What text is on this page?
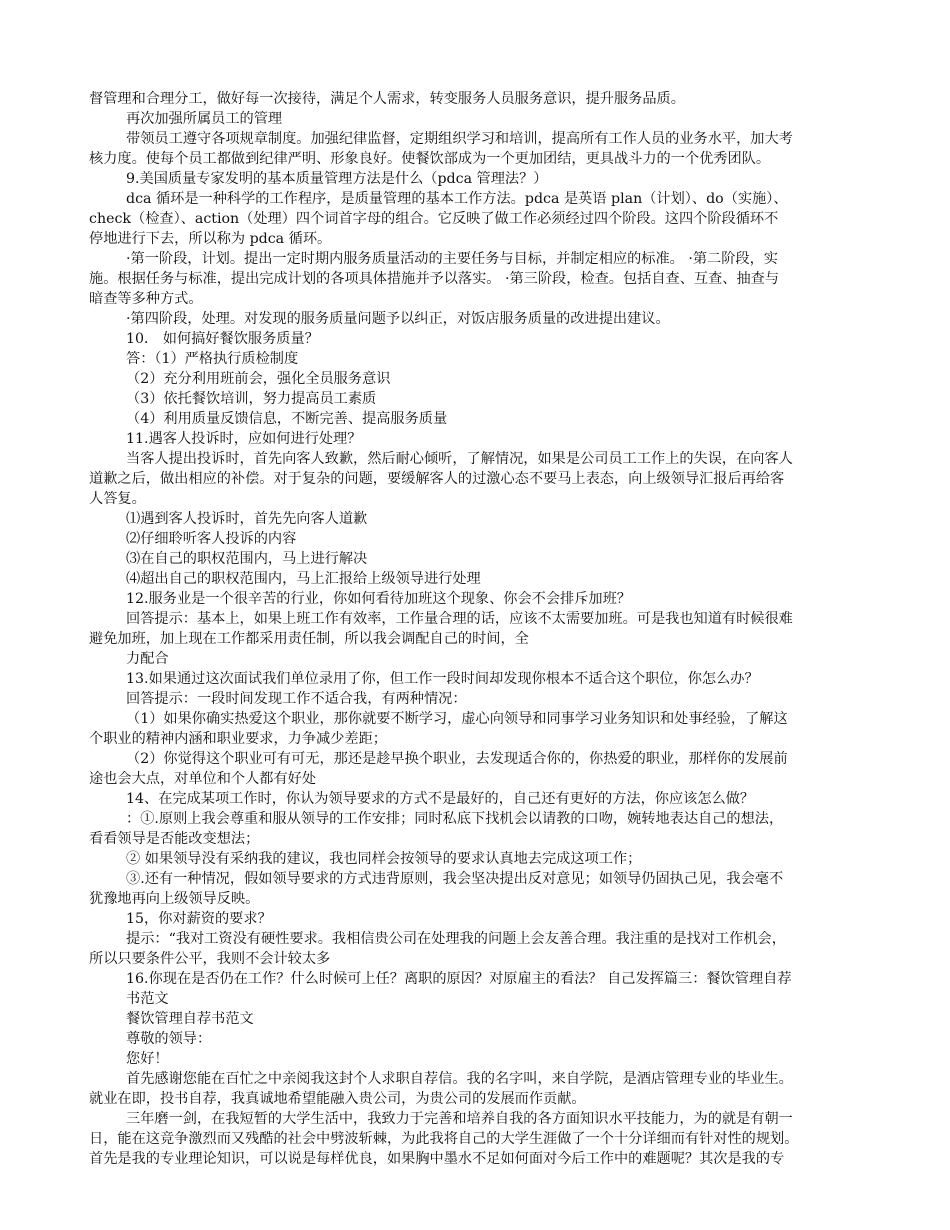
督管理和合理分工，做好每一次接待，满足个人需求，转变服务人员服务意识，提升服务品质。
再次加强所属员工的管理
带领员工遵守各项规章制度。加强纪律监督，定期组织学习和培训，提高所有工作人员的业务水平，加大考
核力度。使每个员工都做到纪律严明、形象良好。使餐饮部成为一个更加团结，更具战斗力的一个优秀团队。
9.美国质量专家发明的基本质量管理方法是什么（pdca 管理法？）
dca 循环是一种科学的工作程序，是质量管理的基本工作方法。pdca 是英语 plan（计划）、do（实施）、
check（检查）、action（处理）四个词首字母的组合。它反映了做工作必须经过四个阶段。这四个阶段循环不
停地进行下去，所以称为 pdca 循环。
·第一阶段，计划。提出一定时期内服务质量活动的主要任务与目标，并制定相应的标准。 ·第二阶段，实
施。根据任务与标准，提出完成计划的各项具体措施并予以落实。 ·第三阶段，检查。包括自查、互查、抽查与
暗查等多种方式。
·第四阶段，处理。对发现的服务质量问题予以纠正，对饭店服务质量的改进提出建议。
10． 如何搞好餐饮服务质量？
答：（1）严格执行质检制度
（2）充分利用班前会，强化全员服务意识
（3）依托餐饮培训，努力提高员工素质
（4）利用质量反馈信息，不断完善、提高服务质量
11.遇客人投诉时，应如何进行处理？
当客人提出投诉时，首先向客人致歉，然后耐心倾听，了解情况，如果是公司员工工作上的失误，在向客人
道歉之后，做出相应的补偿。对于复杂的问题，要缓解客人的过激心态不要马上表态，向上级领导汇报后再给客
人答复。
⑴遇到客人投诉时，首先先向客人道歉
⑵仔细聆听客人投诉的内容
⑶在自己的职权范围内，马上进行解决
⑷超出自己的职权范围内，马上汇报给上级领导进行处理
12.服务业是一个很辛苦的行业，你如何看待加班这个现象、你会不会排斥加班？
回答提示：基本上，如果上班工作有效率，工作量合理的话，应该不太需要加班。可是我也知道有时候很难
避免加班，加上现在工作都采用责任制，所以我会调配自己的时间，全
力配合
13.如果通过这次面试我们单位录用了你，但工作一段时间却发现你根本不适合这个职位，你怎么办？
回答提示：一段时间发现工作不适合我，有两种情况：
（1）如果你确实热爱这个职业，那你就要不断学习，虚心向领导和同事学习业务知识和处事经验，了解这
个职业的精神内涵和职业要求，力争减少差距；
（2）你觉得这个职业可有可无，那还是趁早换个职业，去发现适合你的，你热爱的职业，那样你的发展前
途也会大点，对单位和个人都有好处
14、在完成某项工作时，你认为领导要求的方式不是最好的，自己还有更好的方法，你应该怎么做？
：①.原则上我会尊重和服从领导的工作安排；同时私底下找机会以请教的口吻，婉转地表达自己的想法，
看看领导是否能改变想法；
② 如果领导没有采纳我的建议，我也同样会按领导的要求认真地去完成这项工作；
③.还有一种情况，假如领导要求的方式违背原则，我会坚决提出反对意见；如领导仍固执己见，我会毫不
犹豫地再向上级领导反映。
15，你对薪资的要求？
提示：“我对工资没有硬性要求。我相信贵公司在处理我的问题上会友善合理。我注重的是找对工作机会，
所以只要条件公平，我则不会计较太多
16.你现在是否仍在工作？什么时候可上任？离职的原因？对原雇主的看法？ 自己发挥篇三：餐饮管理自荐
书范文
餐饮管理自荐书范文
尊敬的领导：
您好！
首先感谢您能在百忙之中亲阅我这封个人求职自荐信。我的名字叫，来自学院，是酒店管理专业的毕业生。
就业在即，投书自荐，我真诚地希望能融入贵公司，为贵公司的发展而作贡献。
三年磨一剑，在我短暂的大学生活中，我致力于完善和培养自我的各方面知识水平技能力，为的就是有朝一
日，能在这竞争激烈而又残酷的社会中劈波斩棘，为此我将自己的大学生涯做了一个十分详细而有针对性的规划。
首先是我的专业理论知识，可以说是每样优良，如果胸中墨水不足如何面对今后工作中的难题呢？其次是我的专
